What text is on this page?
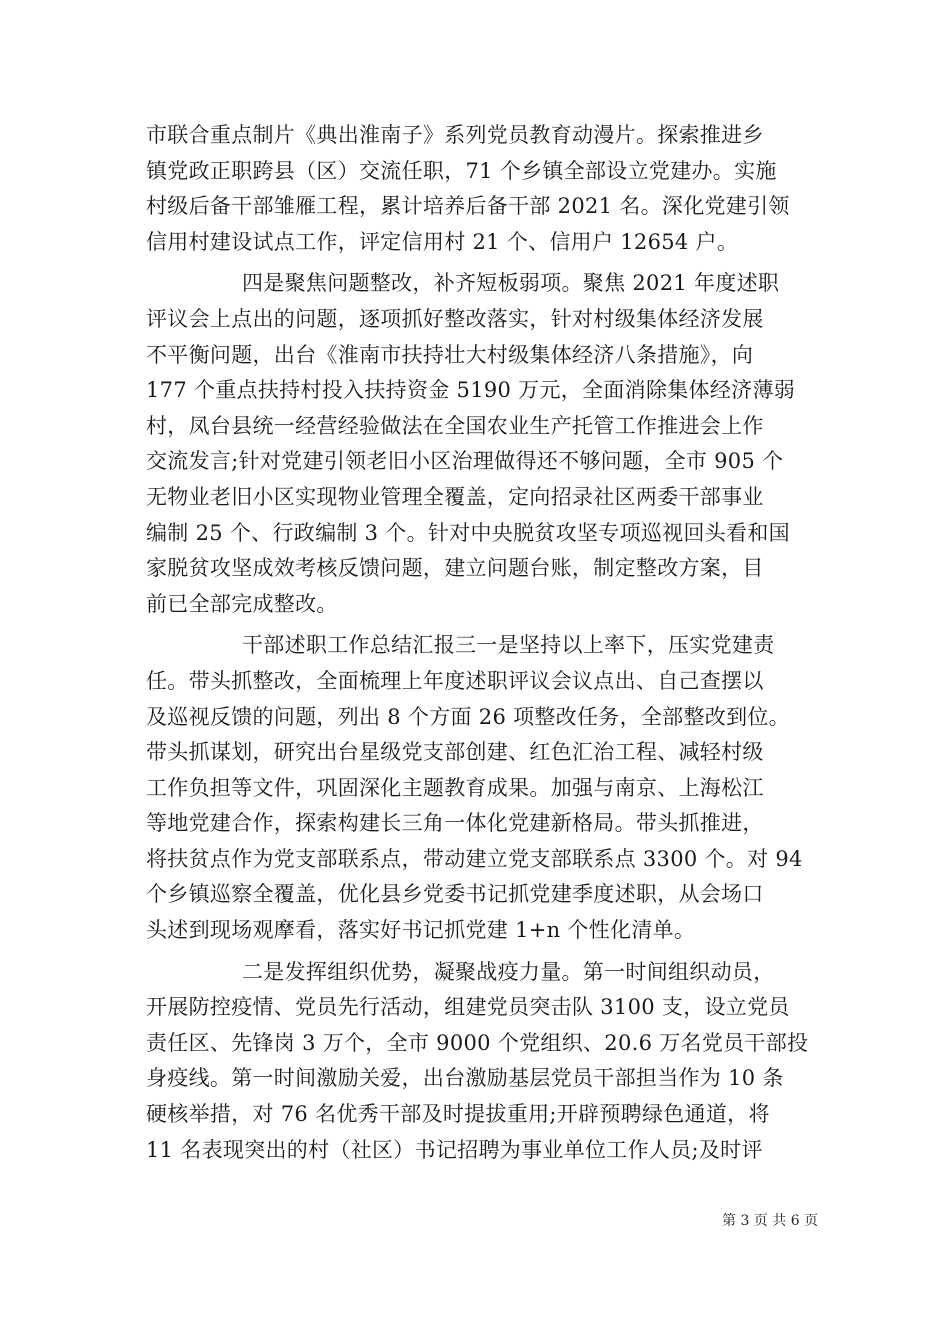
市联合重点制片《典出淮南子》系列党员教育动漫片。探索推进乡
镇党政正职跨县（区）交流任职，71 个乡镇全部设立党建办。实施
村级后备干部雏雁工程，累计培养后备干部 2021 名。深化党建引领
信用村建设试点工作，评定信用村 21 个、信用户 12654 户。
四是聚焦问题整改，补齐短板弱项。聚焦 2021 年度述职
评议会上点出的问题，逐项抓好整改落实，针对村级集体经济发展
不平衡问题，出台《淮南市扶持壮大村级集体经济八条措施》，向
177 个重点扶持村投入扶持资金 5190 万元，全面消除集体经济薄弱
村，凤台县统一经营经验做法在全国农业生产托管工作推进会上作
交流发言;针对党建引领老旧小区治理做得还不够问题，全市 905 个
无物业老旧小区实现物业管理全覆盖，定向招录社区两委干部事业
编制 25 个、行政编制 3 个。针对中央脱贫攻坚专项巡视回头看和国
家脱贫攻坚成效考核反馈问题，建立问题台账，制定整改方案，目
前已全部完成整改。
干部述职工作总结汇报三一是坚持以上率下，压实党建责
任。带头抓整改，全面梳理上年度述职评议会议点出、自己查摆以
及巡视反馈的问题，列出 8 个方面 26 项整改任务，全部整改到位。
带头抓谋划，研究出台星级党支部创建、红色汇治工程、减轻村级
工作负担等文件，巩固深化主题教育成果。加强与南京、上海松江
等地党建合作，探索构建长三角一体化党建新格局。带头抓推进，
将扶贫点作为党支部联系点，带动建立党支部联系点 3300 个。对 94
个乡镇巡察全覆盖，优化县乡党委书记抓党建季度述职，从会场口
头述到现场观摩看，落实好书记抓党建 1+n 个性化清单。
二是发挥组织优势，凝聚战疫力量。第一时间组织动员，
开展防控疫情、党员先行活动，组建党员突击队 3100 支，设立党员
责任区、先锋岗 3 万个，全市 9000 个党组织、20.6 万名党员干部投
身疫线。第一时间激励关爱，出台激励基层党员干部担当作为 10 条
硬核举措，对 76 名优秀干部及时提拔重用;开辟预聘绿色通道，将
11 名表现突出的村（社区）书记招聘为事业单位工作人员;及时评
第 3 页 共 6 页
